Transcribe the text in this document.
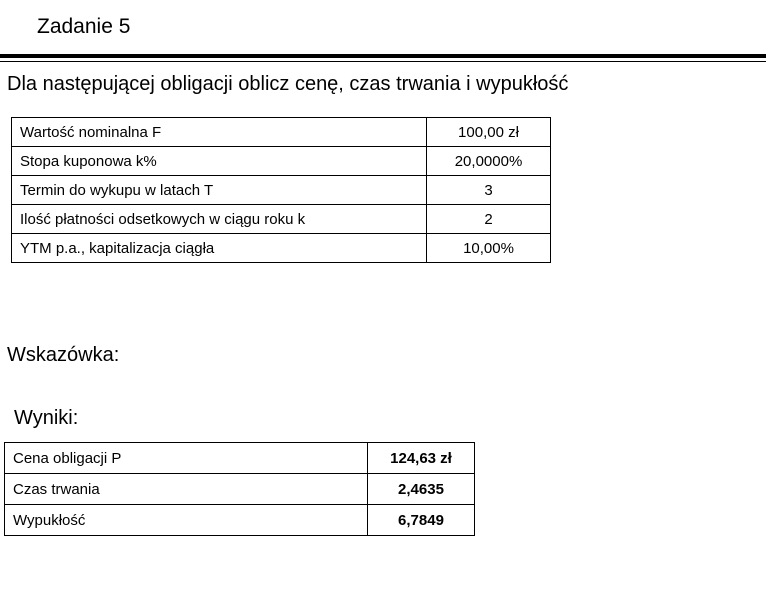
Zadanie 5
Dla następującej obligacji oblicz cenę, czas trwania i wypukłość
Wartość nominalna F	100,00 zł
Stopa kuponowa k%	20,0000%
Termin do wykupu w latach T	3
Ilość płatności odsetkowych w ciągu roku k	2
YTM p.a., kapitalizacja ciągła	10,00%
Wskazówka:
Wyniki:
Cena obligacji P	124,63 zł
Czas trwania	2,4635
Wypukłość	6,7849
